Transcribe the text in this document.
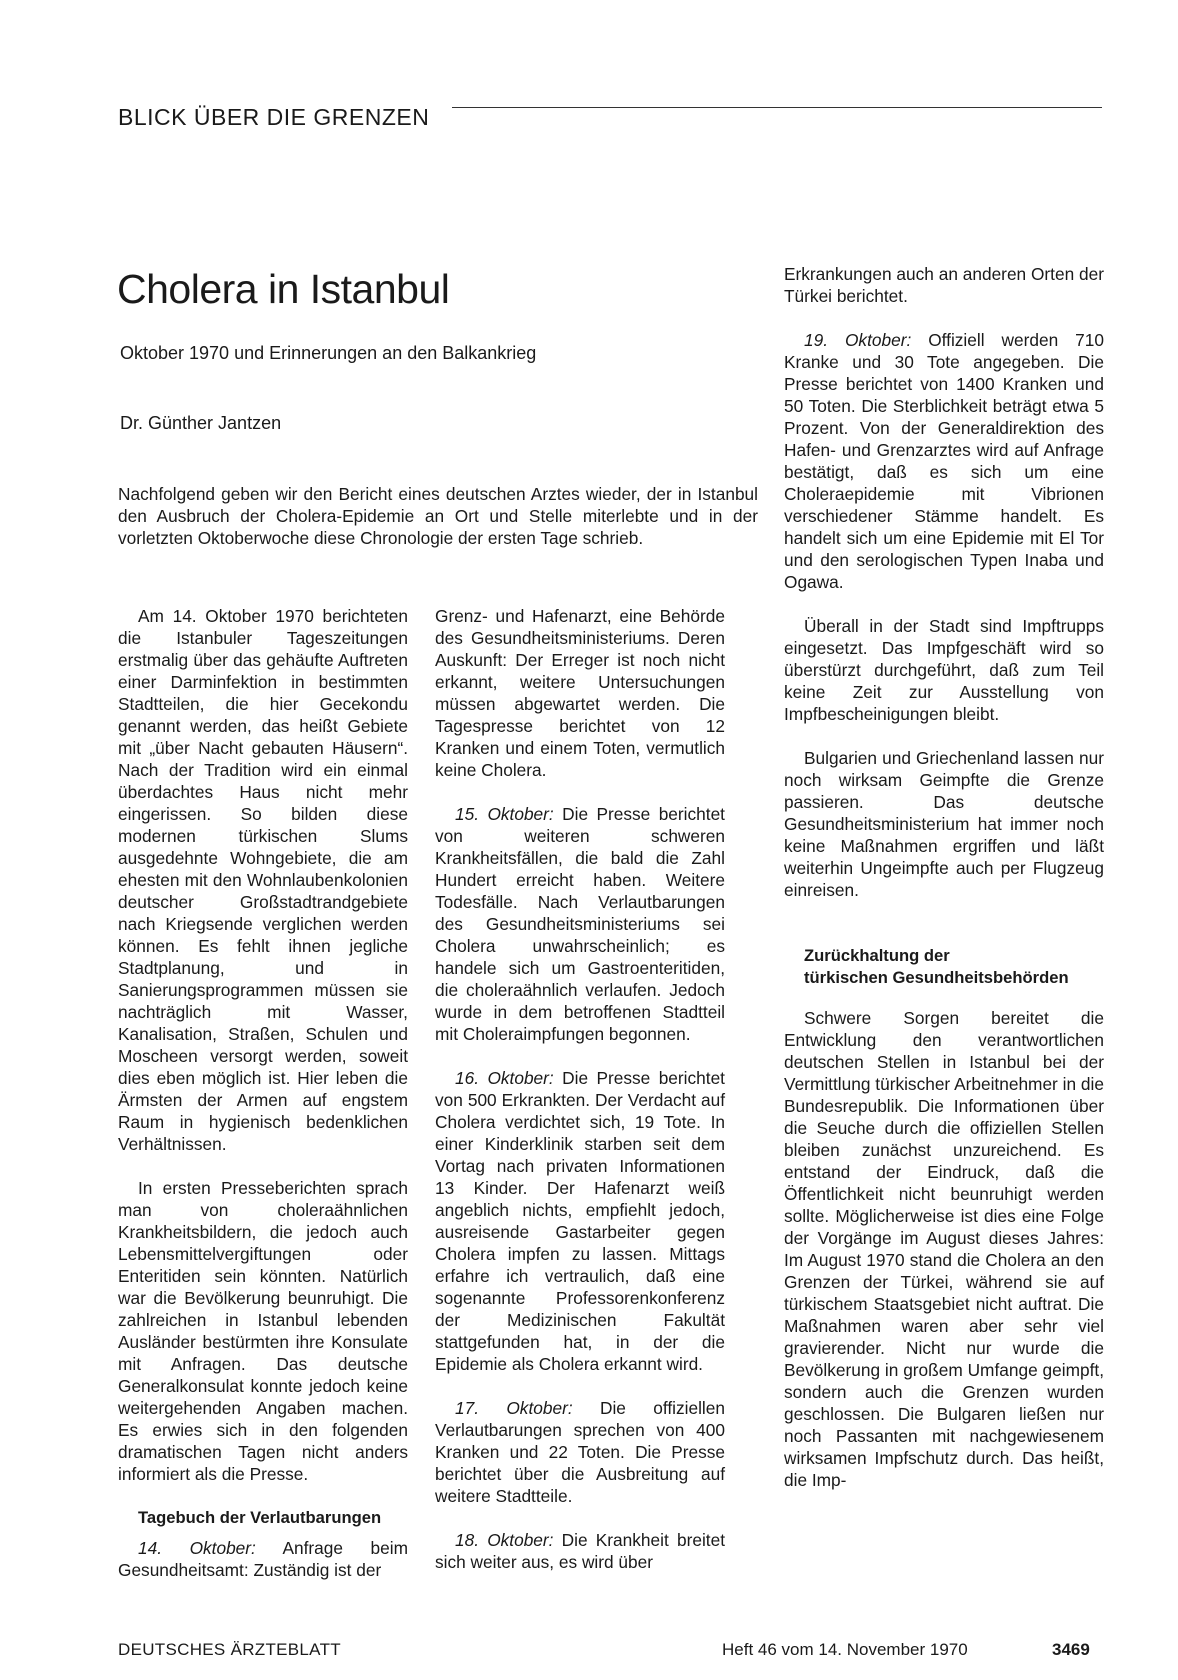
BLICK ÜBER DIE GRENZEN
Cholera in Istanbul
Oktober 1970 und Erinnerungen an den Balkankrieg
Dr. Günther Jantzen

Nachfolgend geben wir den Bericht eines deutschen Arztes wieder, der in Istanbul den Ausbruch der Cholera-Epidemie an Ort und Stelle miterlebte und in der vorletzten Oktoberwoche diese Chronologie der ersten Tage schrieb.

Am 14. Oktober 1970 berichteten die Istanbuler Tageszeitungen erstmalig über das gehäufte Auftreten einer Darminfektion in bestimmten Stadtteilen, die hier Gecekondu genannt werden, das heißt Gebiete mit „über Nacht gebauten Häusern“. Nach der Tradition wird ein einmal überdachtes Haus nicht mehr eingerissen. So bilden diese modernen türkischen Slums ausgedehnte Wohngebiete, die am ehesten mit den Wohnlaubenkolonien deutscher Großstadtrandgebiete nach Kriegsende verglichen werden können. Es fehlt ihnen jegliche Stadtplanung, und in Sanierungsprogrammen müssen sie nachträglich mit Wasser, Kanalisation, Straßen, Schulen und Moscheen versorgt werden, soweit dies eben möglich ist. Hier leben die Ärmsten der Armen auf engstem Raum in hygienisch bedenklichen Verhältnissen.

In ersten Presseberichten sprach man von choleraähnlichen Krankheitsbildern, die jedoch auch Lebensmittelvergiftungen oder Enteritiden sein könnten. Natürlich war die Bevölkerung beunruhigt. Die zahlreichen in Istanbul lebenden Ausländer bestürmten ihre Konsulate mit Anfragen. Das deutsche Generalkonsulat konnte jedoch keine weitergehenden Angaben machen. Es erwies sich in den folgenden dramatischen Tagen nicht anders informiert als die Presse.

Tagebuch der Verlautbarungen

14. Oktober: Anfrage beim Gesundheitsamt: Zuständig ist der

Grenz- und Hafenarzt, eine Behörde des Gesundheitsministeriums. Deren Auskunft: Der Erreger ist noch nicht erkannt, weitere Untersuchungen müssen abgewartet werden. Die Tagespresse berichtet von 12 Kranken und einem Toten, vermutlich keine Cholera.

15. Oktober: Die Presse berichtet von weiteren schweren Krankheitsfällen, die bald die Zahl Hundert erreicht haben. Weitere Todesfälle. Nach Verlautbarungen des Gesundheitsministeriums sei Cholera unwahrscheinlich; es handele sich um Gastroenteritiden, die choleraähnlich verlaufen. Jedoch wurde in dem betroffenen Stadtteil mit Choleraimpfungen begonnen.

16. Oktober: Die Presse berichtet von 500 Erkrankten. Der Verdacht auf Cholera verdichtet sich, 19 Tote. In einer Kinderklinik starben seit dem Vortag nach privaten Informationen 13 Kinder. Der Hafenarzt weiß angeblich nichts, empfiehlt jedoch, ausreisende Gastarbeiter gegen Cholera impfen zu lassen. Mittags erfahre ich vertraulich, daß eine sogenannte Professorenkonferenz der Medizinischen Fakultät stattgefunden hat, in der die Epidemie als Cholera erkannt wird.

17. Oktober: Die offiziellen Verlautbarungen sprechen von 400 Kranken und 22 Toten. Die Presse berichtet über die Ausbreitung auf weitere Stadtteile.

18. Oktober: Die Krankheit breitet sich weiter aus, es wird über

Erkrankungen auch an anderen Orten der Türkei berichtet.

19. Oktober: Offiziell werden 710 Kranke und 30 Tote angegeben. Die Presse berichtet von 1400 Kranken und 50 Toten. Die Sterblichkeit beträgt etwa 5 Prozent. Von der Generaldirektion des Hafen- und Grenzarztes wird auf Anfrage bestätigt, daß es sich um eine Choleraepidemie mit Vibrionen verschiedener Stämme handelt. Es handelt sich um eine Epidemie mit El Tor und den serologischen Typen Inaba und Ogawa.

Überall in der Stadt sind Impftrupps eingesetzt. Das Impfgeschäft wird so überstürzt durchgeführt, daß zum Teil keine Zeit zur Ausstellung von Impfbescheinigungen bleibt.

Bulgarien und Griechenland lassen nur noch wirksam Geimpfte die Grenze passieren. Das deutsche Gesundheitsministerium hat immer noch keine Maßnahmen ergriffen und läßt weiterhin Ungeimpfte auch per Flugzeug einreisen.

Zurückhaltung der

türkischen Gesundheitsbehörden

Schwere Sorgen bereitet die Entwicklung den verantwortlichen deutschen Stellen in Istanbul bei der Vermittlung türkischer Arbeitnehmer in die Bundesrepublik. Die Informationen über die Seuche durch die offiziellen Stellen bleiben zunächst unzureichend. Es entstand der Eindruck, daß die Öffentlichkeit nicht beunruhigt werden sollte. Möglicherweise ist dies eine Folge der Vorgänge im August dieses Jahres: Im August 1970 stand die Cholera an den Grenzen der Türkei, während sie auf türkischem Staatsgebiet nicht auftrat. Die Maßnahmen waren aber sehr viel gravierender. Nicht nur wurde die Bevölkerung in großem Umfange geimpft, sondern auch die Grenzen wurden geschlossen. Die Bulgaren ließen nur noch Passanten mit nachgewiesenem wirksamen Impfschutz durch. Das heißt, die Imp-

DEUTSCHES ÄRZTEBLATT	Heft 46 vom 14. November 1970	3469
